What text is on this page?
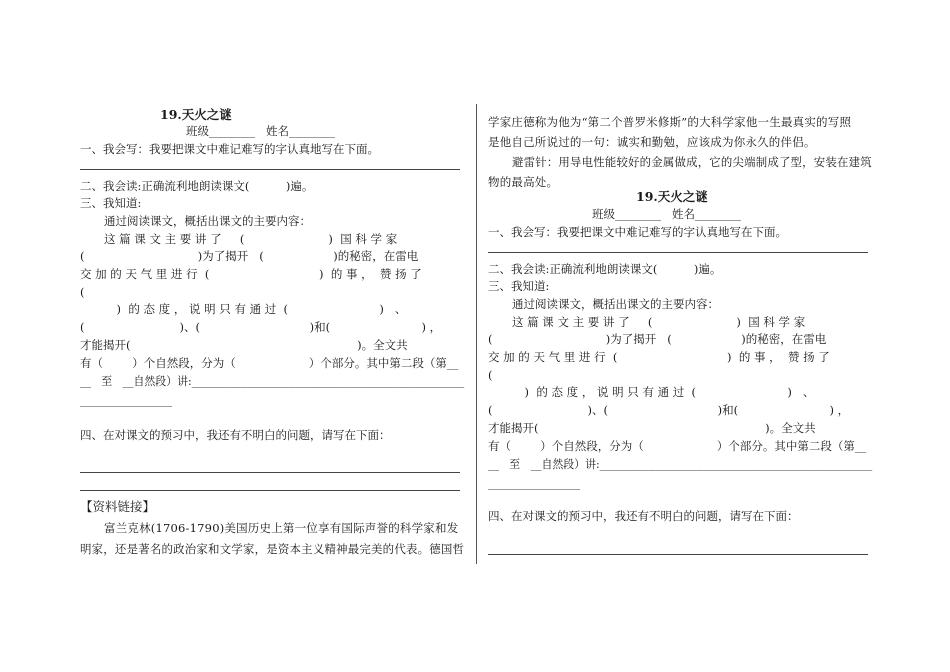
19.天火之谜
班级________   姓名________
一、我会写：我要把课文中难记难写的字认真地写在下面。
二、我会读:正确流利地朗读课文(          )遍。
三、我知道:
通过阅读课文，概括出课文的主要内容：
这 篇 课 文 主 要 讲 了     (                       )  国 科 学 家
(                               )为了揭开   (                   )的秘密，在雷电
交 加 的 天 气 里 进 行  (                              )  的 事 ，  赞 扬 了
(
)  的 态 度 ， 说 明 只 有 通 过  (                         )   、
(                          )、(                              )和(                         ) ，
才能揭开(                                                              )。全文共
有（        ）个自然段，分为（                    ）个部分。其中第二段（第__
__   至   __自然段）讲:__________________________________________________
________________
四、在对课文的预习中，我还有不明白的问题，请写在下面：
【资料链接】
富兰克林(1706-1790)美国历史上第一位享有国际声誉的科学家和发
明家，还是著名的政治家和文学家，是资本主义精神最完美的代表。德国哲
学家庄德称为他为“第二个普罗米修斯”的大科学家他一生最真实的写照
是他自己所说过的一句：诚实和勤勉，应该成为你永久的伴侣。
避雷针：用导电性能较好的金属做成，它的尖端制成了型，安装在建筑
物的最高处。
19.天火之谜
班级________   姓名________
一、我会写：我要把课文中难记难写的字认真地写在下面。
二、我会读:正确流利地朗读课文(          )遍。
三、我知道:
通过阅读课文，概括出课文的主要内容：
这 篇 课 文 主 要 讲 了     (                       )  国 科 学 家
(                               )为了揭开   (                   )的秘密，在雷电
交 加 的 天 气 里 进 行  (                              )  的 事 ，  赞 扬 了
(
)  的 态 度 ， 说 明 只 有 通 过  (                         )   、
(                          )、(                              )和(                         ) ，
才能揭开(                                                              )。全文共
有（        ）个自然段，分为（                    ）个部分。其中第二段（第__
__   至   __自然段）讲:__________________________________________________
________________
四、在对课文的预习中，我还有不明白的问题，请写在下面：
